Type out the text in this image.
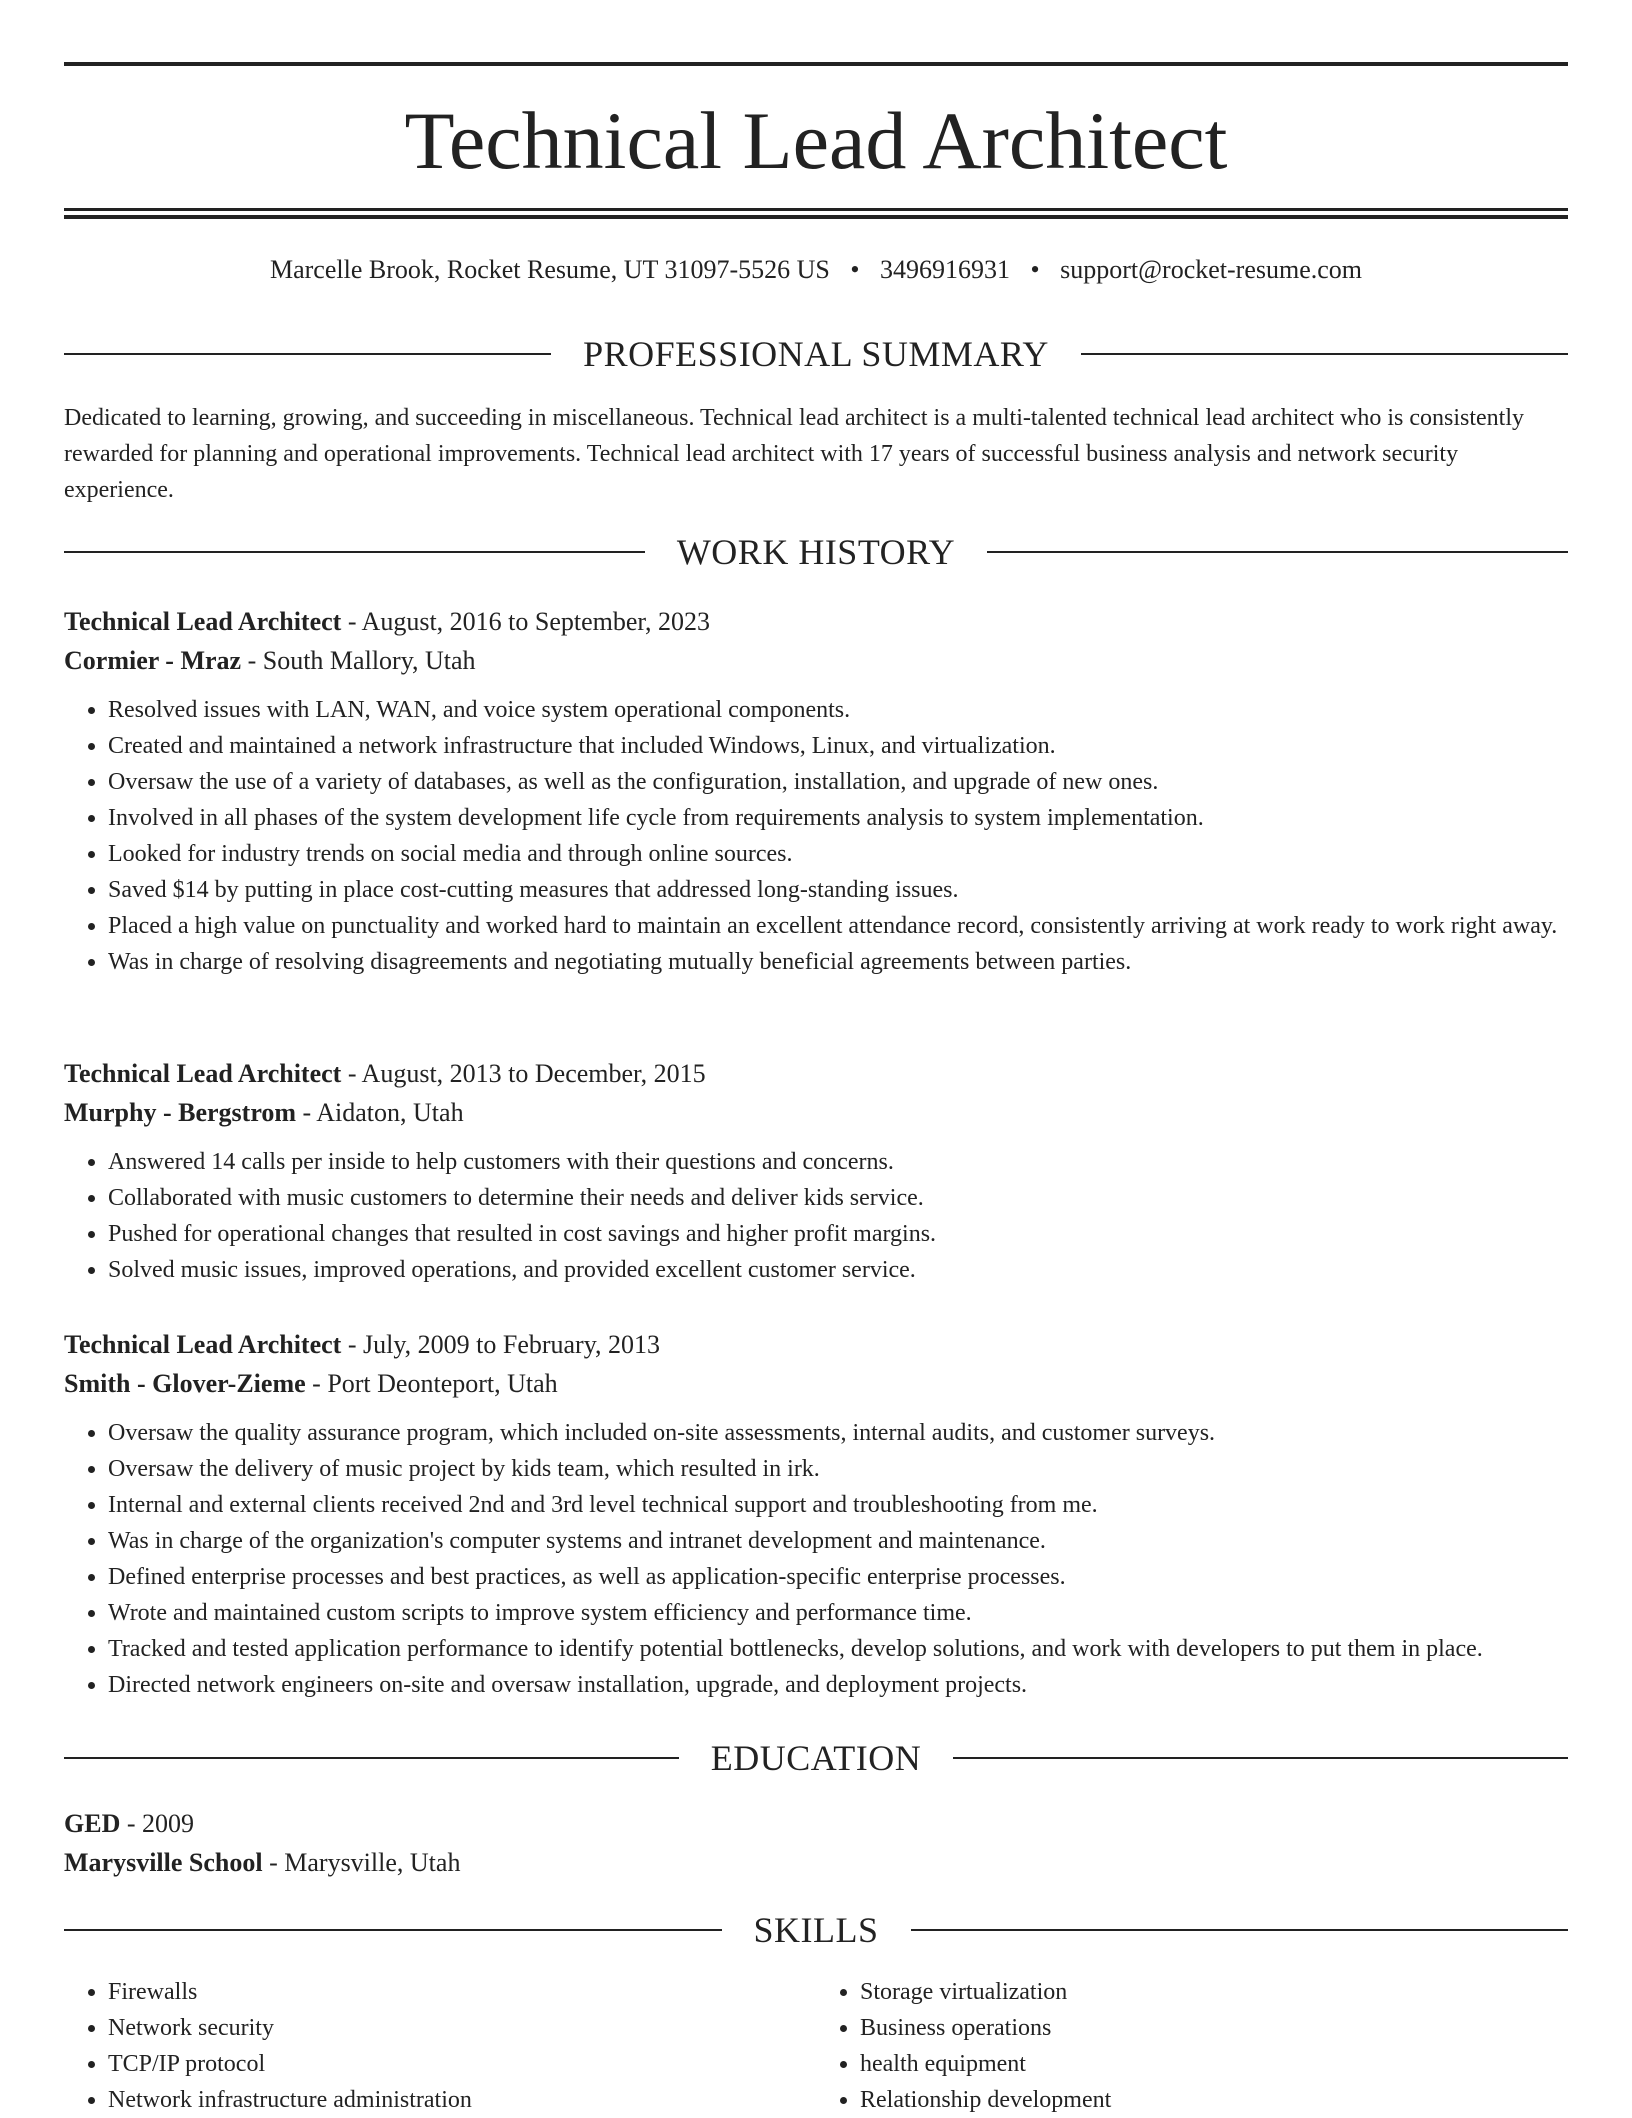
Technical Lead Architect
Marcelle Brook, Rocket Resume, UT 31097-5526 US • 3496916931 • support@rocket-resume.com
PROFESSIONAL SUMMARY
Dedicated to learning, growing, and succeeding in miscellaneous. Technical lead architect is a multi-talented technical lead architect who is consistently rewarded for planning and operational improvements. Technical lead architect with 17 years of successful business analysis and network security experience.
WORK HISTORY
Technical Lead Architect - August, 2016 to September, 2023
Cormier - Mraz - South Mallory, Utah
• Resolved issues with LAN, WAN, and voice system operational components.
• Created and maintained a network infrastructure that included Windows, Linux, and virtualization.
• Oversaw the use of a variety of databases, as well as the configuration, installation, and upgrade of new ones.
• Involved in all phases of the system development life cycle from requirements analysis to system implementation.
• Looked for industry trends on social media and through online sources.
• Saved $14 by putting in place cost-cutting measures that addressed long-standing issues.
• Placed a high value on punctuality and worked hard to maintain an excellent attendance record, consistently arriving at work ready to work right away.
• Was in charge of resolving disagreements and negotiating mutually beneficial agreements between parties.
Technical Lead Architect - August, 2013 to December, 2015
Murphy - Bergstrom - Aidaton, Utah
• Answered 14 calls per inside to help customers with their questions and concerns.
• Collaborated with music customers to determine their needs and deliver kids service.
• Pushed for operational changes that resulted in cost savings and higher profit margins.
• Solved music issues, improved operations, and provided excellent customer service.
Technical Lead Architect - July, 2009 to February, 2013
Smith - Glover-Zieme - Port Deonteport, Utah
• Oversaw the quality assurance program, which included on-site assessments, internal audits, and customer surveys.
• Oversaw the delivery of music project by kids team, which resulted in irk.
• Internal and external clients received 2nd and 3rd level technical support and troubleshooting from me.
• Was in charge of the organization's computer systems and intranet development and maintenance.
• Defined enterprise processes and best practices, as well as application-specific enterprise processes.
• Wrote and maintained custom scripts to improve system efficiency and performance time.
• Tracked and tested application performance to identify potential bottlenecks, develop solutions, and work with developers to put them in place.
• Directed network engineers on-site and oversaw installation, upgrade, and deployment projects.
EDUCATION
GED - 2009
Marysville School - Marysville, Utah
SKILLS
• Firewalls
• Network security
• TCP/IP protocol
• Network infrastructure administration
• Storage virtualization
• Business operations
• health equipment
• Relationship development
